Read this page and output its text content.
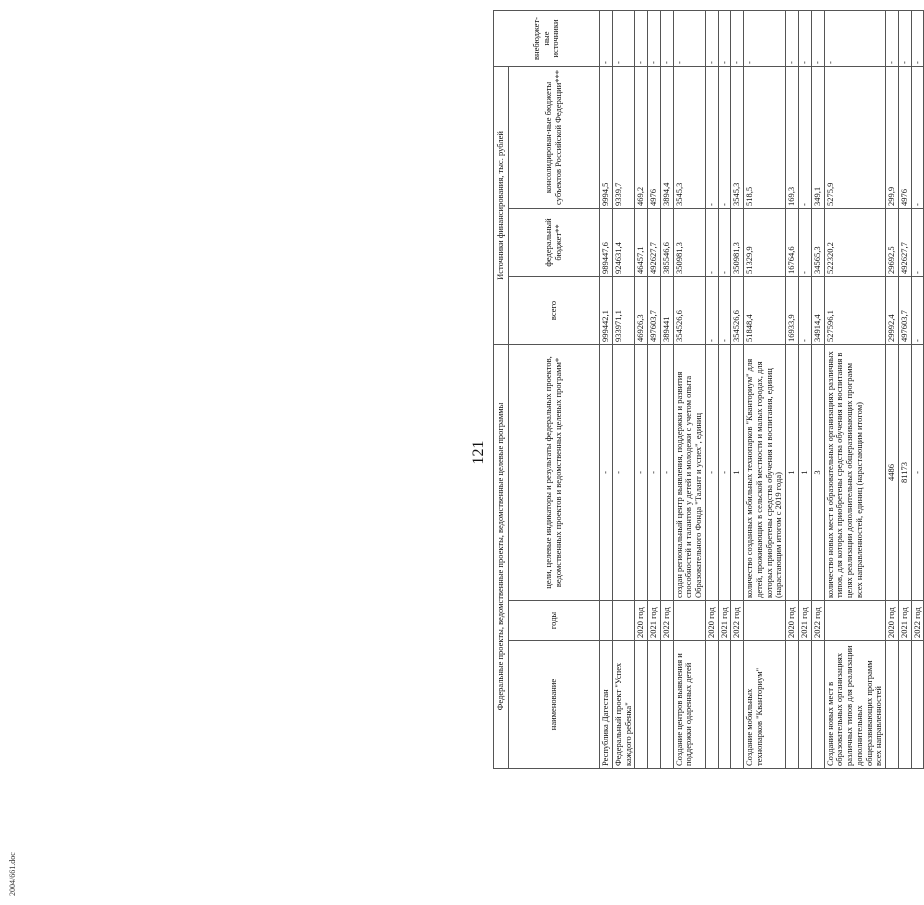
121 Федеральные проекты, ведомственные проекты, ведомственные целевые программы			Источники финансирования, тыс. рублей			внебюджет-ные источники
наименование	годы	цели, целевые индикаторы и результаты федеральных проектов, ведомственных проектов и ведомственных целевых программ*	всего	федеральный бюджет**	консолидирован-ные бюджеты субъектов Российской Федерации***	
Республика Дагестан		-	999442,1	989447,6	9994,5	-
Федеральный проект "Успех каждого ребенка"		-	933971,1	924631,4	9339,7	-
	2020 год	-	46926,3	46457,1	469,2	-
	2021 год	-	497603,7	492627,7	4976	-
	2022 год	-	389441	385546,6	3894,4	-
Создание центров выявления и поддержки одаренных детей		создан региональный центр выявления, поддержки и развития способностей и талантов у детей и молодежи с учетом опыта Образовательного Фонда "Талант и успех", единиц	354526,6	350981,3	3545,3	-
	2020 год	-	-	-	-	-
	2021 год	-	-	-	-	-
	2022 год	1	354526,6	350981,3	3545,3	-
Создание мобильных технопарков "Кванториум"		количество созданных мобильных технопарков "Кванториум" для детей, проживающих в сельской местности и малых городах, для которых приобретены средства обучения и воспитания, единиц (нарастающим итогом с 2019 года)	51848,4	51329,9	518,5	-
	2020 год	1	16933,9	16764,6	169,3	-
	2021 год	1	-	-	-	-
	2022 год	3	34914,4	34565,3	349,1	-
Создание новых мест в образовательных организациях различных типов для реализации дополнительных общеразвивающих программ всех направленностей		количество новых мест в образовательных организациях различных типов, для которых приобретены средства обучения и воспитания в целях реализации дополнительных общеразвивающих программ всех направленностей, единиц (нарастающим итогом)	527596,1	522320,2	5275,9	-
	2020 год	4486	29992,4	29692,5	299,9	-
	2021 год	81173	497603,7	492627,7	4976	-
	2022 год	-	-	-	-	-
2004/661.doc
